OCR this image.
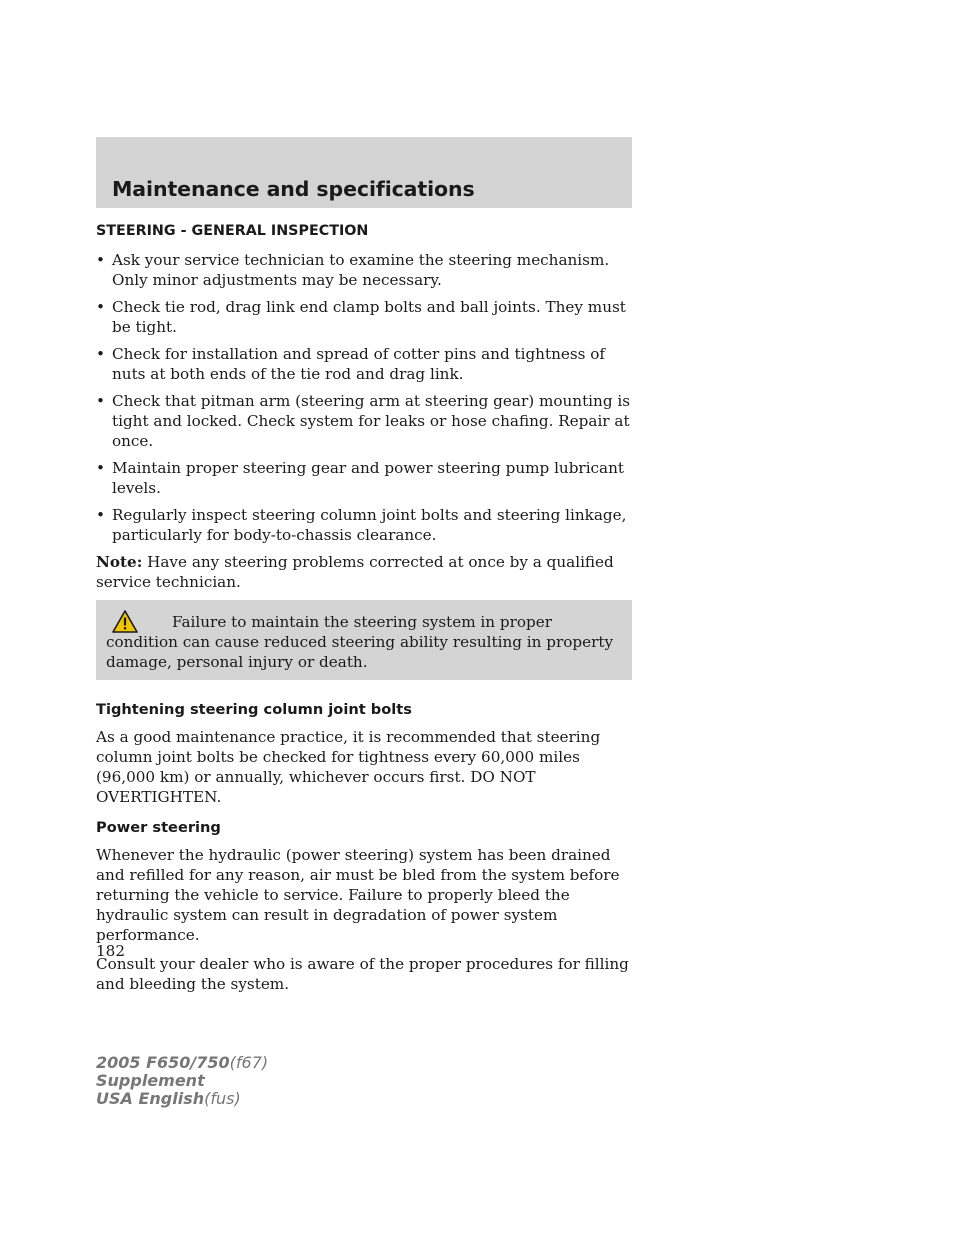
Maintenance and specifications
STEERING - GENERAL INSPECTION
• Ask your service technician to examine the steering mechanism. Only minor adjustments may be necessary.
• Check tie rod, drag link end clamp bolts and ball joints. They must be tight.
• Check for installation and spread of cotter pins and tightness of nuts at both ends of the tie rod and drag link.
• Check that pitman arm (steering arm at steering gear) mounting is tight and locked. Check system for leaks or hose chafing. Repair at once.
• Maintain proper steering gear and power steering pump lubricant levels.
• Regularly inspect steering column joint bolts and steering linkage, particularly for body-to-chassis clearance.

Note: Have any steering problems corrected at once by a qualified service technician.

Failure to maintain the steering system in proper condition can cause reduced steering ability resulting in property damage, personal injury or death.

Tightening steering column joint bolts

As a good maintenance practice, it is recommended that steering column joint bolts be checked for tightness every 60,000 miles (96,000 km) or annually, whichever occurs first. DO NOT OVERTIGHTEN.

Power steering

Whenever the hydraulic (power steering) system has been drained and refilled for any reason, air must be bled from the system before returning the vehicle to service. Failure to properly bleed the hydraulic system can result in degradation of power system performance.

Consult your dealer who is aware of the proper procedures for filling and bleeding the system.

182
2005 F650/750(f67)
Supplement
USA English(fus)
